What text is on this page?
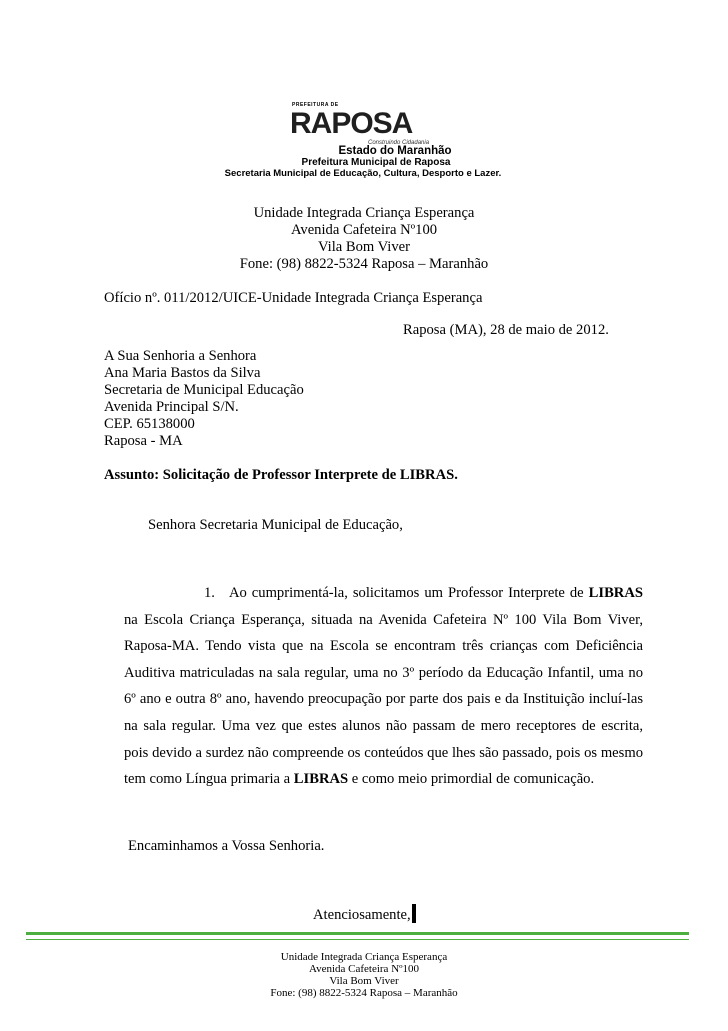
PREFEITURA DE
RAPOSA
Construindo Cidadania
Estado do Maranhão
Prefeitura Municipal de Raposa
Secretaria Municipal de Educação, Cultura, Desporto e Lazer.
Unidade Integrada Criança Esperança
Avenida Cafeteira Nº100
Vila Bom Viver
Fone: (98) 8822-5324 Raposa – Maranhão
Ofício nº. 011/2012/UICE-Unidade Integrada Criança Esperança
Raposa (MA), 28 de maio de 2012.
A Sua Senhoria a Senhora
Ana Maria Bastos da Silva
Secretaria de Municipal Educação
Avenida Principal S/N.
CEP. 65138000
Raposa - MA
Assunto: Solicitação de Professor Interprete de LIBRAS.
Senhora Secretaria Municipal de Educação,
1. Ao cumprimentá-la, solicitamos um Professor Interprete de LIBRAS na Escola Criança Esperança, situada na Avenida Cafeteira Nº 100 Vila Bom Viver, Raposa-MA. Tendo vista que na Escola se encontram três crianças com Deficiência Auditiva matriculadas na sala regular, uma no 3º período da Educação Infantil, uma no 6º ano e outra 8º ano, havendo preocupação por parte dos pais e da Instituição incluí-las na sala regular. Uma vez que estes alunos não passam de mero receptores de escrita, pois devido a surdez não compreende os conteúdos que lhes são passado, pois os mesmo tem como Língua primaria a LIBRAS e como meio primordial de comunicação.
Encaminhamos a Vossa Senhoria.
Atenciosamente,
Unidade Integrada Criança Esperança
Avenida Cafeteira Nº100
Vila Bom Viver
Fone: (98) 8822-5324 Raposa – Maranhão
